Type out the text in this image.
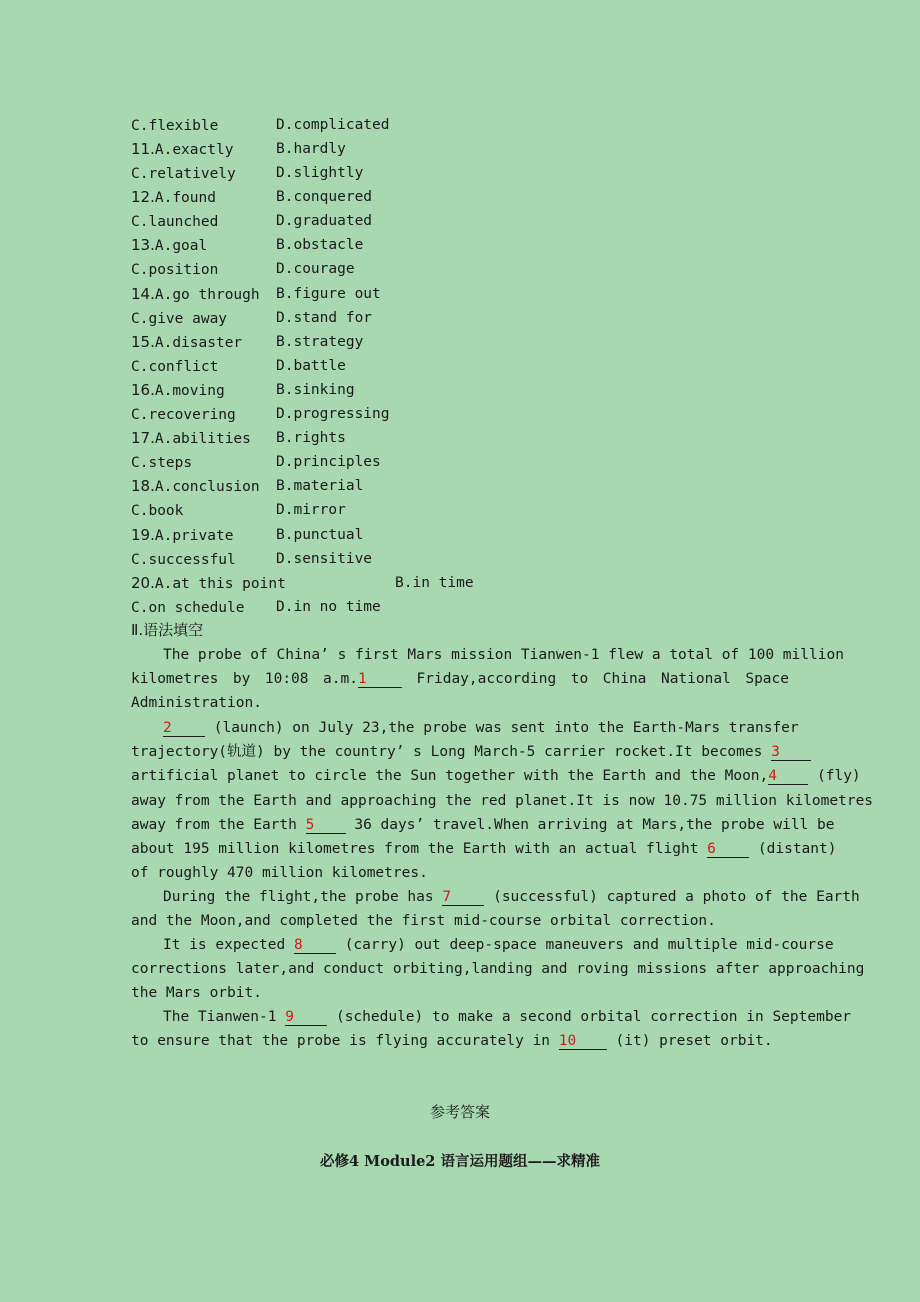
C.flexible	D.complicated
11.A.exactly	B.hardly
C.relatively	D.slightly
12.A.found	B.conquered
C.launched	D.graduated
13.A.goal	B.obstacle
C.position	D.courage
14.A.go through B.figure out
C.give away	D.stand for
15.A.disaster B.strategy
C.conflict	D.battle
16.A.moving	B.sinking
C.recovering	D.progressing
17.A.abilities B.rights
C.steps	D.principles
18.A.conclusion B.material
C.book	D.mirror
19.A.private	B.punctual
C.successful	D.sensitive
20.A.at this point	B.in time
C.on schedule D.in no time
Ⅱ.语法填空
The probe of China’ s first Mars mission Tianwen-1 flew a total of 100 million
kilometres by 10:08 a.m.1	Friday,according to China National Space
Administration.
2	(launch) on July 23,the probe was sent into the Earth-Mars transfer
trajectory(轨道) by the country’ s Long March-5 carrier rocket.It becomes 3
artificial planet to circle the Sun together with the Earth and the Moon,4	(fly)
away from the Earth and approaching the red planet.It is now 10.75 million kilometres
away from the Earth 5	36 days’ travel.When arriving at Mars,the probe will be
about 195 million kilometres from the Earth with an actual flight 6	(distant)
of roughly 470 million kilometres.
During the flight,the probe has 7	(successful) captured a photo of the Earth
and the Moon,and completed the first mid-course orbital correction.
It is expected 8	(carry) out deep-space maneuvers and multiple mid-course
corrections later,and conduct orbiting,landing and roving missions after approaching
the Mars orbit.
The Tianwen-1 9	(schedule) to make a second orbital correction in September
to ensure that the probe is flying accurately in 10	(it) preset orbit.
参考答案
必修4 Module2 语言运用题组——求精准
